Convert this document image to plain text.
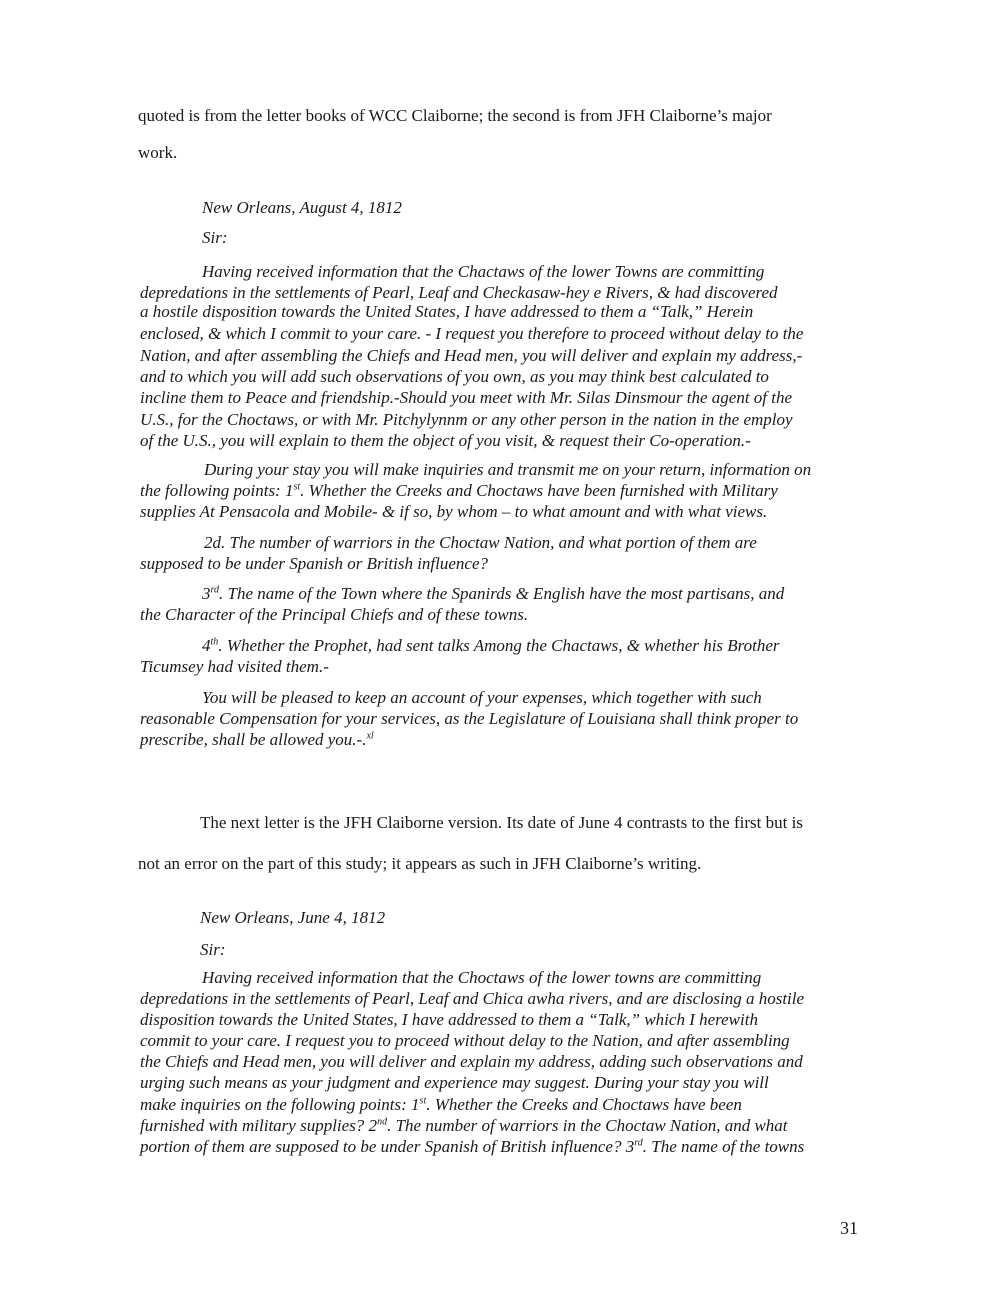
quoted is from the letter books of WCC Claiborne; the second is from JFH Claiborne’s major
work.
New Orleans, August 4, 1812
Sir:
Having received information that the Chactaws of the lower Towns are committing
depredations in the settlements of Pearl, Leaf and Checkasaw-hey e Rivers, & had discovered
a hostile disposition towards the United States, I have addressed to them a “Talk,” Herein
enclosed, & which I commit to your care. - I request you therefore to proceed without delay to the
Nation, and after assembling the Chiefs and Head men, you will deliver and explain my address,-
and to which you will add such observations of you own, as you may think best calculated to
incline them to Peace and friendship.-Should you meet with Mr. Silas Dinsmour the agent of the
U.S., for the Choctaws, or with Mr. Pitchylynnm or any other person in the nation in the employ
of the U.S., you will explain to them the object of you visit, & request their Co-operation.-
During your stay you will make inquiries and transmit me on your return, information on
the following points: 1st. Whether the Creeks and Choctaws have been furnished with Military
supplies At Pensacola and Mobile- & if so, by whom – to what amount and with what views.
2d. The number of warriors in the Choctaw Nation, and what portion of them are
supposed to be under Spanish or British influence?
3rd. The name of the Town where the Spanirds & English have the most partisans, and
the Character of the Principal Chiefs and of these towns.
4th. Whether the Prophet, had sent talks Among the Chactaws, & whether his Brother
Ticumsey had visited them.-
You will be pleased to keep an account of your expenses, which together with such
reasonable Compensation for your services, as the Legislature of Louisiana shall think proper to
prescribe, shall be allowed you.-.$^{xl}$
The next letter is the JFH Claiborne version. Its date of June 4 contrasts to the first but is
not an error on the part of this study; it appears as such in JFH Claiborne’s writing.
New Orleans, June 4, 1812
Sir:
Having received information that the Choctaws of the lower towns are committing
depredations in the settlements of Pearl, Leaf and Chica awha rivers, and are disclosing a hostile
disposition towards the United States, I have addressed to them a “Talk,” which I herewith
commit to your care. I request you to proceed without delay to the Nation, and after assembling
the Chiefs and Head men, you will deliver and explain my address, adding such observations and
urging such means as your judgment and experience may suggest. During your stay you will
make inquiries on the following points: 1st. Whether the Creeks and Choctaws have been
furnished with military supplies? 2nd. The number of warriors in the Choctaw Nation, and what
portion of them are supposed to be under Spanish of British influence? 3rd. The name of the towns
31
